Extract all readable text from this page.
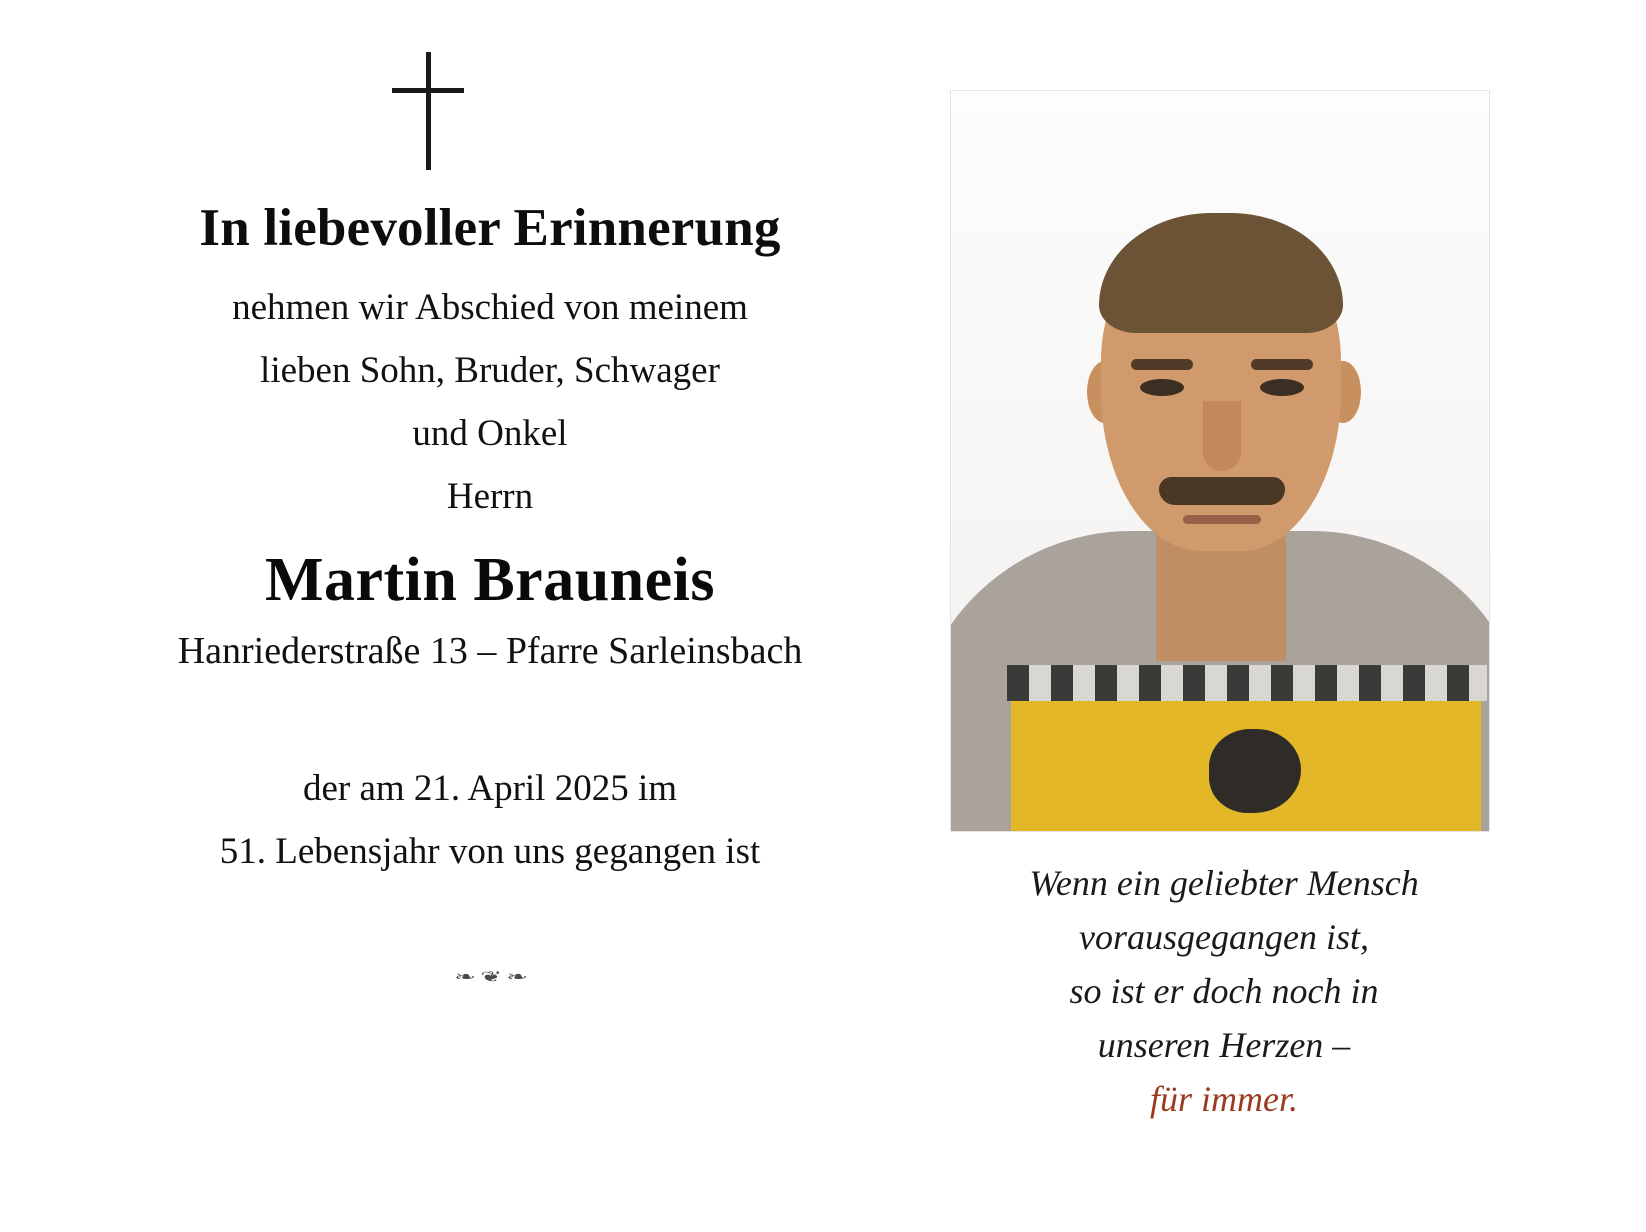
In liebevoller Erinnerung
nehmen wir Abschied von meinem
lieben Sohn, Bruder, Schwager
und Onkel
Herrn
Martin Brauneis
Hanriederstraße 13 – Pfarre Sarleinsbach
der am 21. April 2025 im
51. Lebensjahr von uns gegangen ist
❧ ❦ ❧
Wenn ein geliebter Mensch
vorausgegangen ist,
so ist er doch noch in
unseren Herzen –
für immer.
